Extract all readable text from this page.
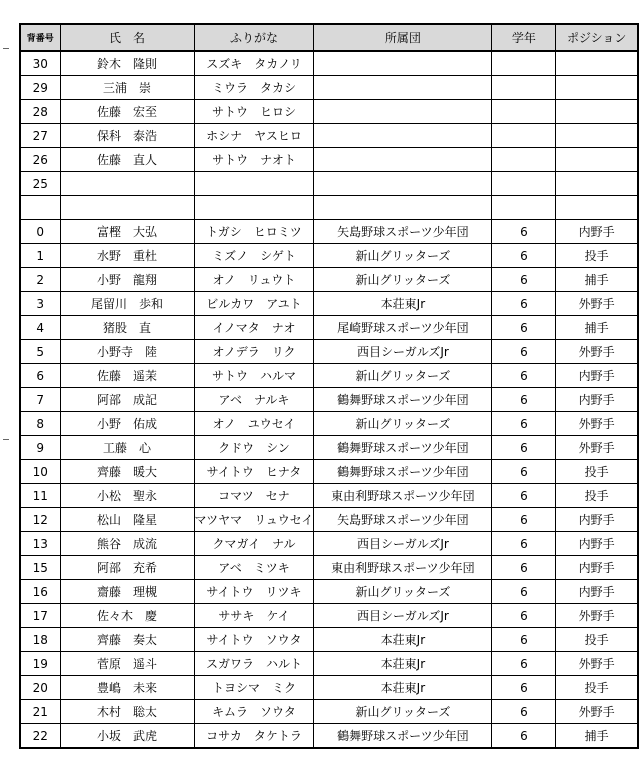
背番号	氏　名	ふりがな	所属団	学年	ポジション
30	鈴木　隆則	スズキ　タカノリ			
29	三浦　崇	ミウラ　タカシ			
28	佐藤　宏至	サトウ　ヒロシ			
27	保科　泰浩	ホシナ　ヤスヒロ			
26	佐藤　直人	サトウ　ナオト			
25					

0	富樫　大弘	トガシ　ヒロミツ	矢島野球スポーツ少年団	6	内野手
1	水野　重杜	ミズノ　シゲト	新山グリッターズ	6	投手
2	小野　龍翔	オノ　リュウト	新山グリッターズ	6	捕手
3	尾留川　歩和	ビルカワ　アユト	本荘東Jr	6	外野手
4	猪股　直	イノマタ　ナオ	尾崎野球スポーツ少年団	6	捕手
5	小野寺　陸	オノデラ　リク	西目シーガルズJr	6	外野手
6	佐藤　遥茉	サトウ　ハルマ	新山グリッターズ	6	内野手
7	阿部　成記	アベ　ナルキ	鶴舞野球スポーツ少年団	6	内野手
8	小野　佑成	オノ　ユウセイ	新山グリッターズ	6	外野手
9	工藤　心	クドウ　シン	鶴舞野球スポーツ少年団	6	外野手
10	齊藤　暖大	サイトウ　ヒナタ	鶴舞野球スポーツ少年団	6	投手
11	小松　聖永	コマツ　セナ	東由利野球スポーツ少年団	6	投手
12	松山　隆星	マツヤマ　リュウセイ	矢島野球スポーツ少年団	6	内野手
13	熊谷　成流	クマガイ　ナル	西目シーガルズJr	6	内野手
15	阿部　充希	アベ　ミツキ	東由利野球スポーツ少年団	6	内野手
16	齋藤　理槻	サイトウ　リツキ	新山グリッターズ	6	内野手
17	佐々木　慶	ササキ　ケイ	西目シーガルズJr	6	外野手
18	齊藤　奏太	サイトウ　ソウタ	本荘東Jr	6	投手
19	菅原　遥斗	スガワラ　ハルト	本荘東Jr	6	外野手
20	豊嶋　未来	トヨシマ　ミク	本荘東Jr	6	投手
21	木村　聡太	キムラ　ソウタ	新山グリッターズ	6	外野手
22	小坂　武虎	コサカ　タケトラ	鶴舞野球スポーツ少年団	6	捕手
